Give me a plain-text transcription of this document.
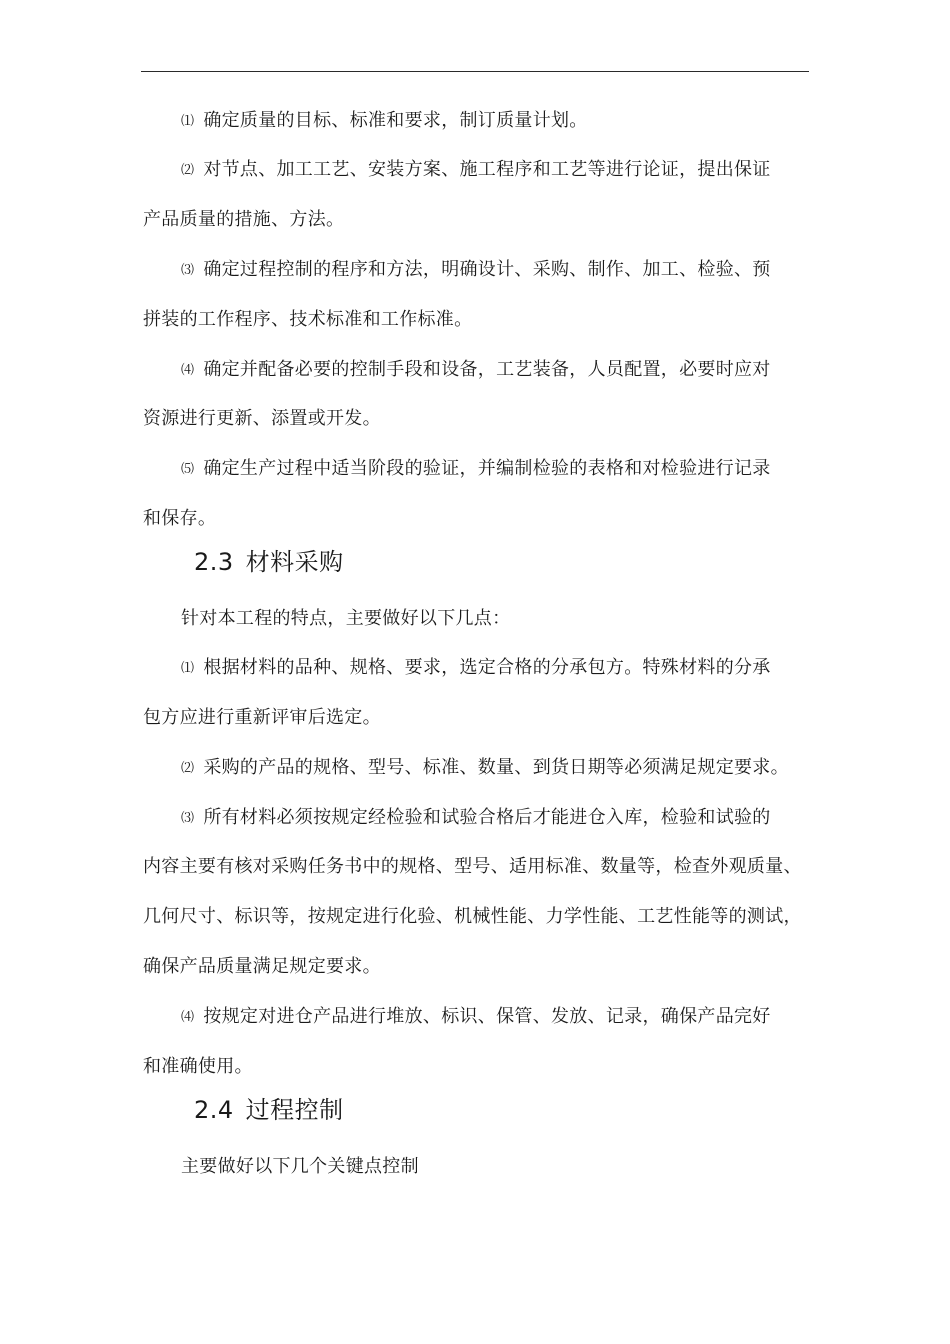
⑴ 确定质量的目标、标准和要求，制订质量计划。
⑵ 对节点、加工工艺、安装方案、施工程序和工艺等进行论证，提出保证
产品质量的措施、方法。
⑶ 确定过程控制的程序和方法，明确设计、采购、制作、加工、检验、预
拼装的工作程序、技术标准和工作标准。
⑷ 确定并配备必要的控制手段和设备，工艺装备，人员配置，必要时应对
资源进行更新、添置或开发。
⑸ 确定生产过程中适当阶段的验证，并编制检验的表格和对检验进行记录
和保存。
2.3 材料采购
针对本工程的特点，主要做好以下几点：
⑴ 根据材料的品种、规格、要求，选定合格的分承包方。特殊材料的分承
包方应进行重新评审后选定。
⑵ 采购的产品的规格、型号、标准、数量、到货日期等必须满足规定要求。
⑶ 所有材料必须按规定经检验和试验合格后才能进仓入库，检验和试验的
内容主要有核对采购任务书中的规格、型号、适用标准、数量等，检查外观质量、
几何尺寸、标识等，按规定进行化验、机械性能、力学性能、工艺性能等的测试，
确保产品质量满足规定要求。
⑷ 按规定对进仓产品进行堆放、标识、保管、发放、记录，确保产品完好
和准确使用。
2.4 过程控制
主要做好以下几个关键点控制
